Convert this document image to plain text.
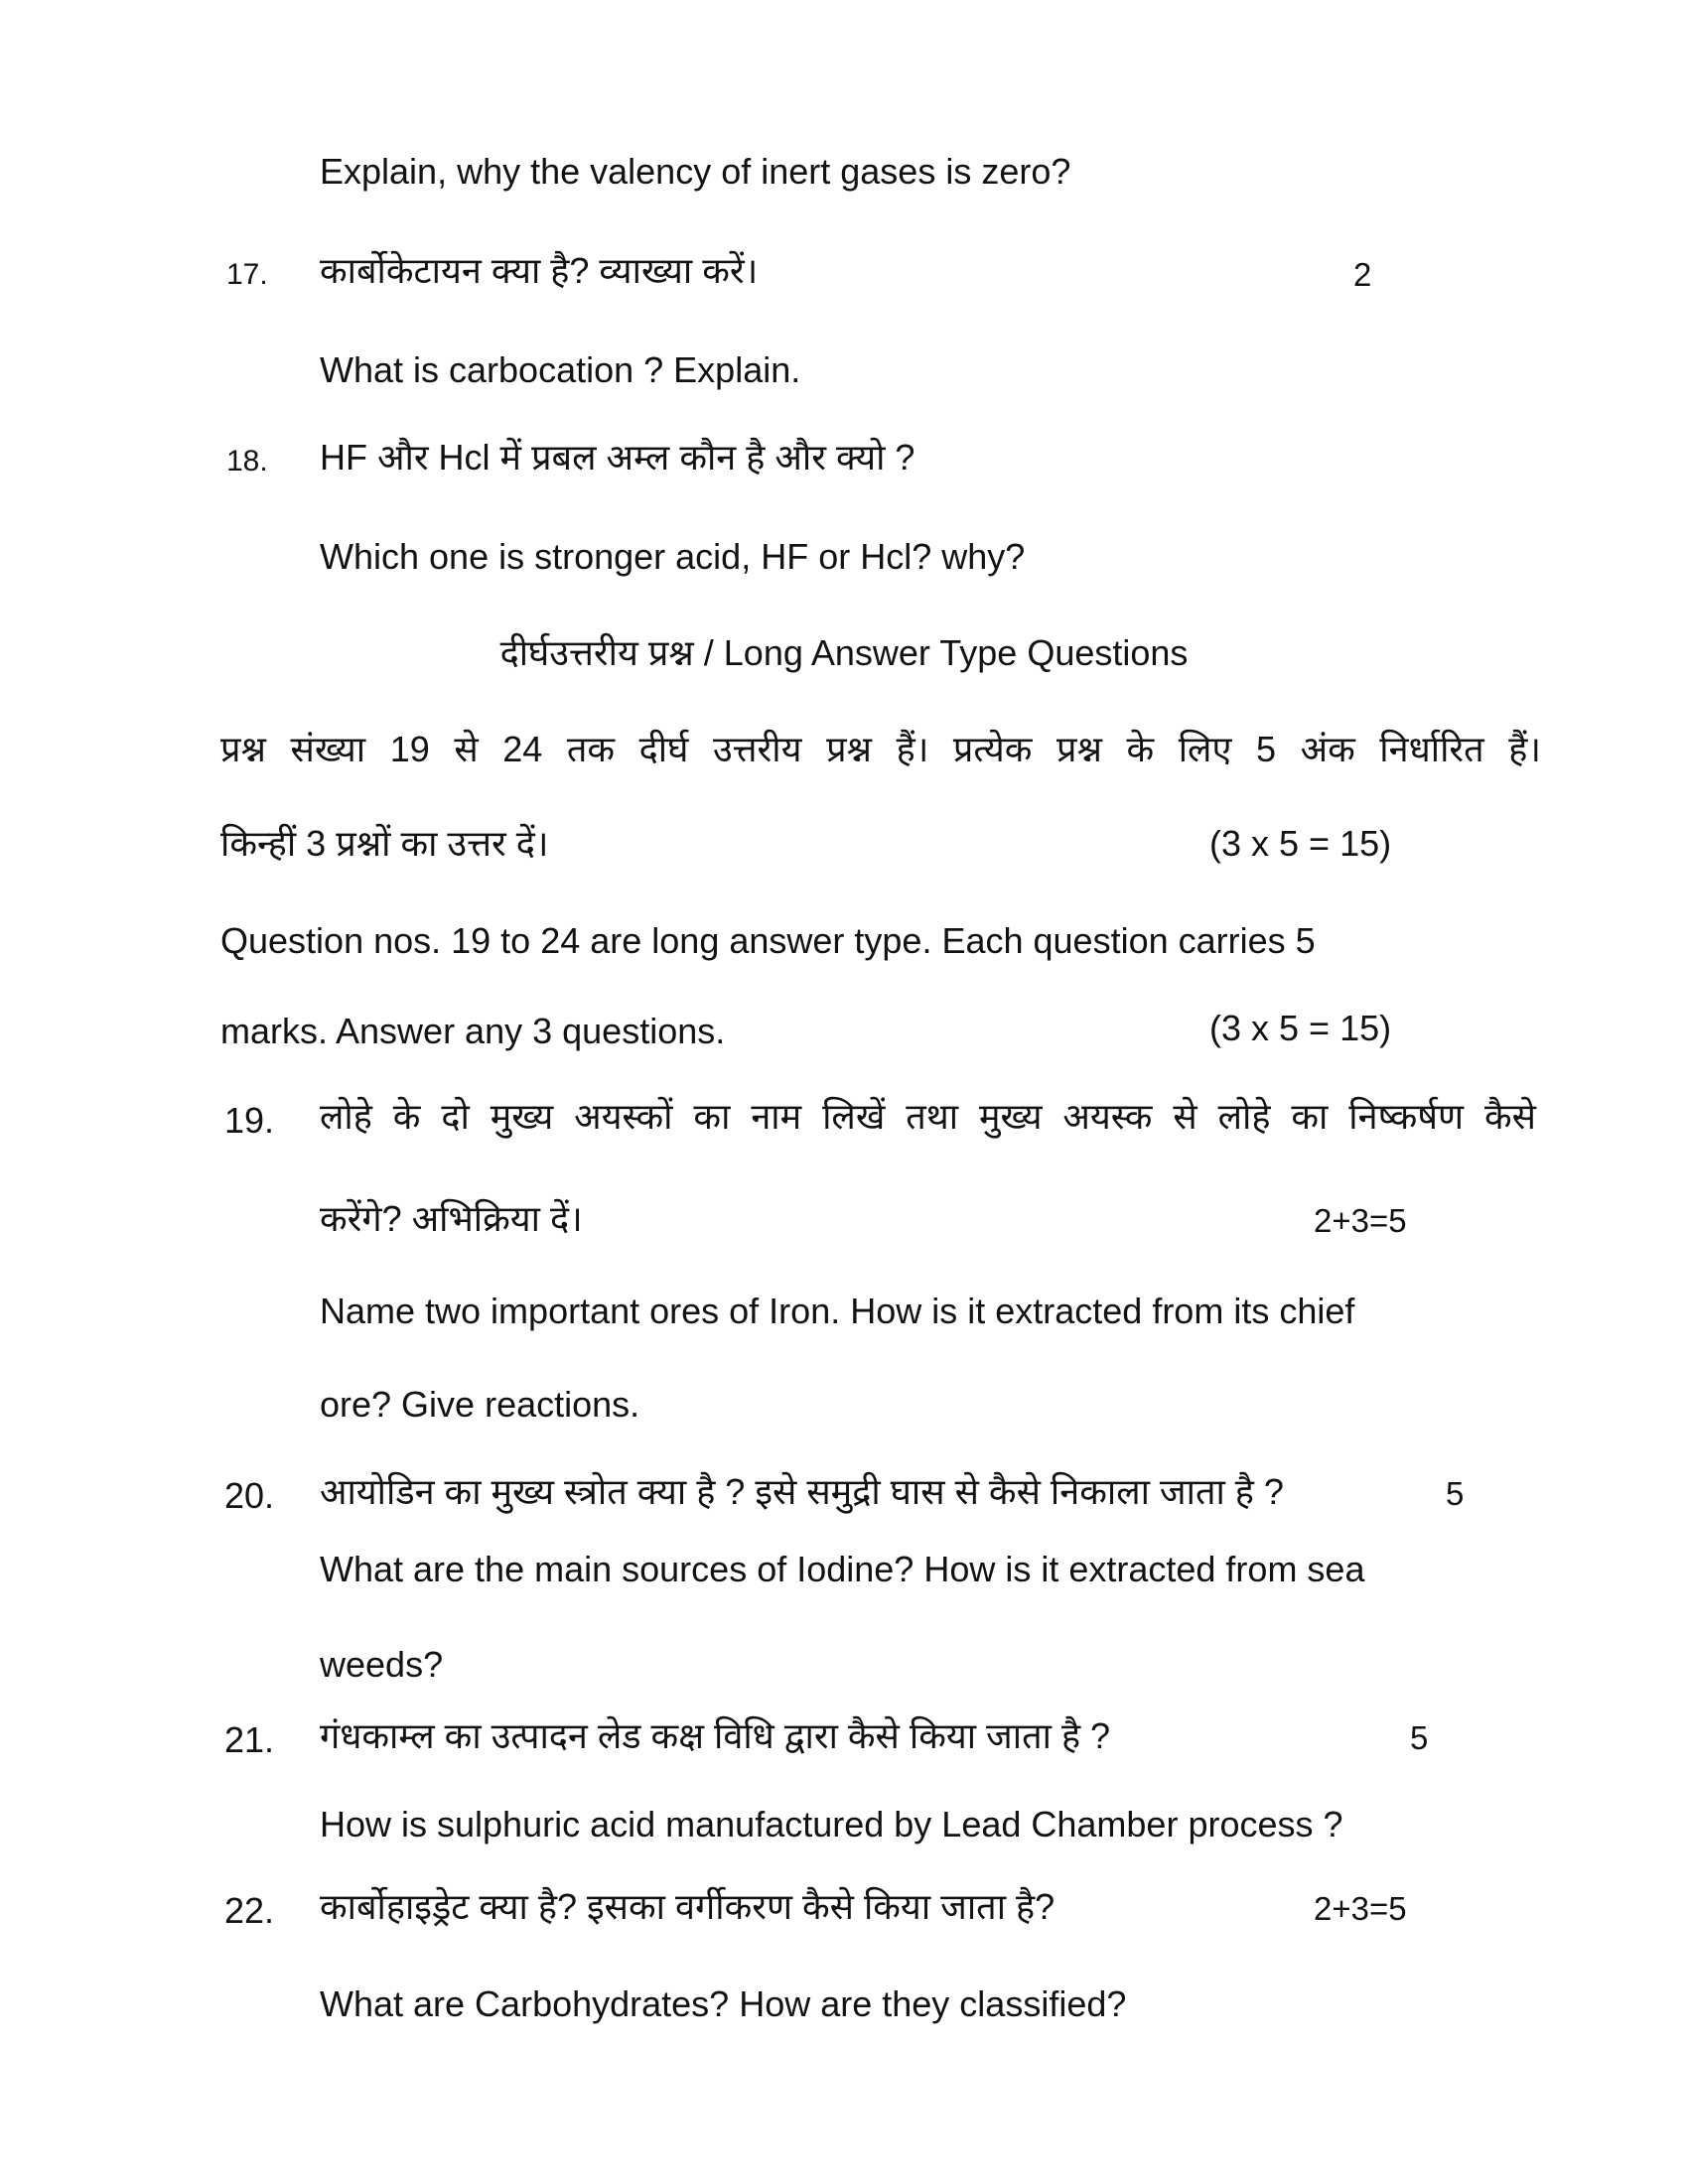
Explain, why the valency of inert gases is zero?
17. कार्बोकेटायन क्या है? व्याख्या करें।	2
What is carbocation ? Explain.
18. HF और Hcl में प्रबल अम्ल कौन है और क्यो ?
Which one is stronger acid, HF or Hcl? why?
दीर्घउत्तरीय प्रश्न / Long Answer Type Questions
प्रश्न संख्या 19 से 24 तक दीर्घ उत्तरीय प्रश्न हैं। प्रत्येक प्रश्न के लिए 5 अंक निर्धारित हैं।
किन्हीं 3 प्रश्नों का उत्तर दें।	(3 x 5 = 15)
Question nos. 19 to 24 are long answer type. Each question carries 5
marks. Answer any 3 questions.	(3 x 5 = 15)
19. लोहे के दो मुख्य अयस्कों का नाम लिखें तथा मुख्य अयस्क से लोहे का निष्कर्षण कैसे
करेंगे? अभिक्रिया दें।	2+3=5
Name two important ores of Iron. How is it extracted from its chief
ore? Give reactions.
20. आयोडिन का मुख्य स्त्रोत क्या है ? इसे समुद्री घास से कैसे निकाला जाता है ?	5
What are the main sources of Iodine? How is it extracted from sea
weeds?
21. गंधकाम्ल का उत्पादन लेड कक्ष विधि द्वारा कैसे किया जाता है ?	5
How is sulphuric acid manufactured by Lead Chamber process ?
22. कार्बोहाइड्रेट क्या है? इसका वर्गीकरण कैसे किया जाता है?	2+3=5
What are Carbohydrates? How are they classified?
